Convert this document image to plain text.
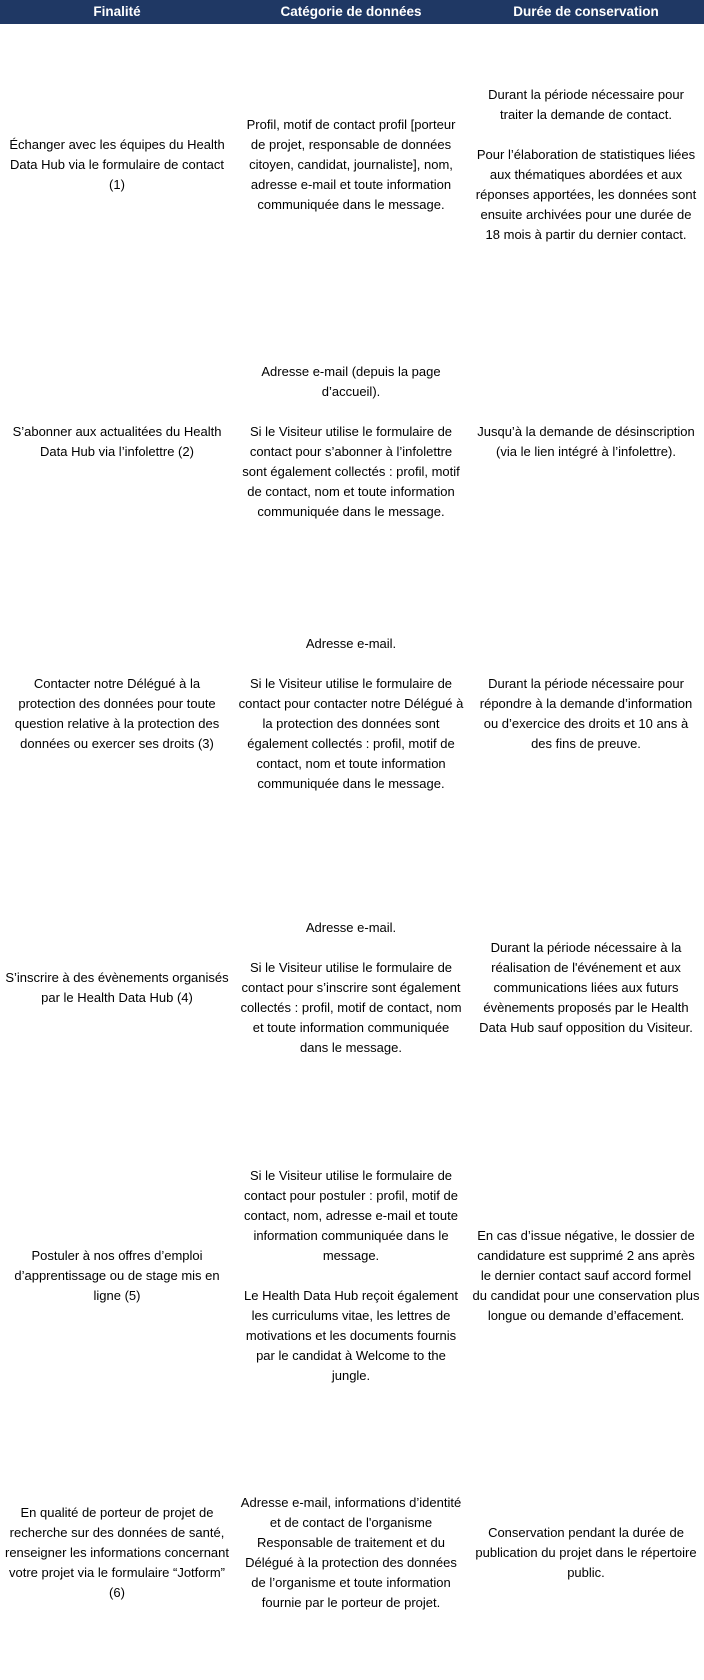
Finalité	Catégorie de données	Durée de conservation

Échanger avec les équipes du Health Data Hub via le formulaire de contact (1)

Profil, motif de contact profil [porteur de projet, responsable de données citoyen, candidat, journaliste], nom, adresse e-mail et toute information communiquée dans le message.

Durant la période nécessaire pour traiter la demande de contact.

Pour l’élaboration de statistiques liées aux thématiques abordées et aux réponses apportées, les données sont ensuite archivées pour une durée de 18 mois à partir du dernier contact.

S’abonner aux actualitées du Health Data Hub via l’infolettre (2)

Adresse e-mail (depuis la page d’accueil).

Si le Visiteur utilise le formulaire de contact pour s’abonner à l’infolettre sont également collectés : profil, motif de contact, nom et toute information communiquée dans le message.

Jusqu’à la demande de désinscription (via le lien intégré à l’infolettre).

Contacter notre Délégué à la protection des données pour toute question relative à la protection des données ou exercer ses droits (3)

Adresse e-mail.

Si le Visiteur utilise le formulaire de contact pour contacter notre Délégué à la protection des données sont également collectés : profil, motif de contact, nom et toute information communiquée dans le message.

Durant la période nécessaire pour répondre à la demande d’information ou d’exercice des droits et 10 ans à des fins de preuve.

S’inscrire à des évènements organisés par le Health Data Hub (4)

Adresse e-mail.

Si le Visiteur utilise le formulaire de contact pour s’inscrire sont également collectés : profil, motif de contact, nom et toute information communiquée dans le message.

Durant la période nécessaire à la réalisation de l'événement et aux communications liées aux futurs évènements proposés par le Health Data Hub sauf opposition du Visiteur.

Postuler à nos offres d’emploi d’apprentissage ou de stage mis en ligne (5)

Si le Visiteur utilise le formulaire de contact pour postuler : profil, motif de contact, nom, adresse e-mail et toute information communiquée dans le message.

Le Health Data Hub reçoit également les curriculums vitae, les lettres de motivations et les documents fournis par le candidat à Welcome to the jungle.

En cas d’issue négative, le dossier de candidature est supprimé 2 ans après le dernier contact sauf accord formel du candidat pour une conservation plus longue ou demande d’effacement.

En qualité de porteur de projet de recherche sur des données de santé, renseigner les informations concernant votre projet via le formulaire “Jotform” (6)

Adresse e-mail, informations d’identité et de contact de l'organisme Responsable de traitement et du Délégué à la protection des données de l’organisme et toute information fournie par le porteur de projet.

Conservation pendant la durée de publication du projet dans le répertoire public.
